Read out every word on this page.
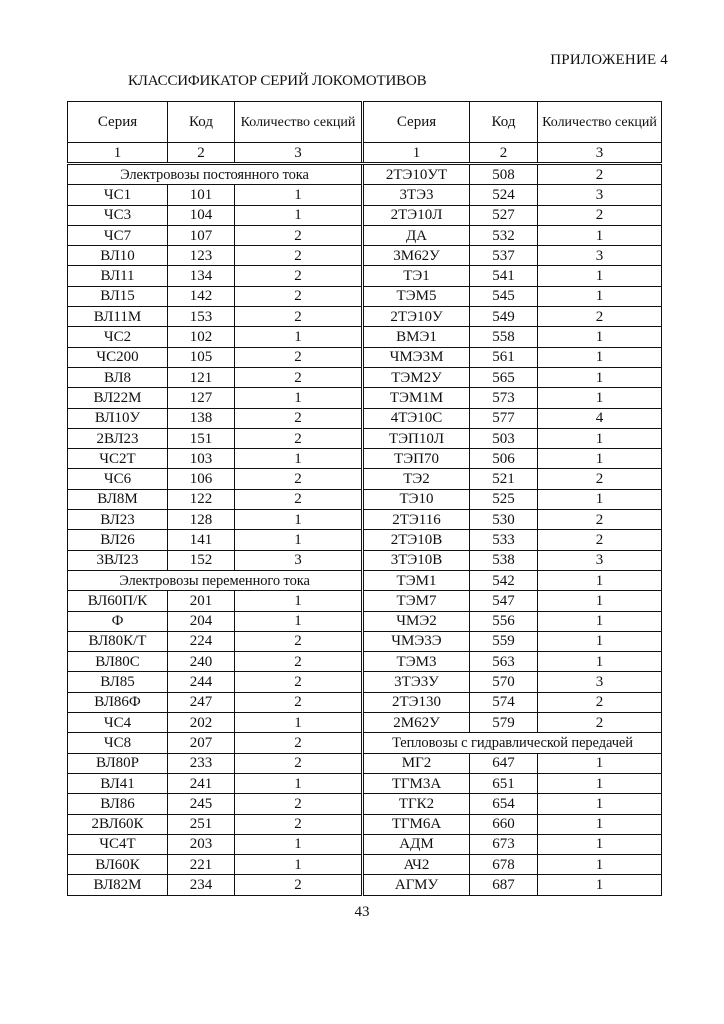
ПРИЛОЖЕНИЕ 4
КЛАССИФИКАТОР СЕРИЙ ЛОКОМОТИВОВ
Серия	Код	Количество секций	Серия	Код	Количество секций
1	2	3	1	2	3
Электровозы постоянного тока			2ТЭ10УТ	508	2
ЧС1	101	1	3ТЭ3	524	3
ЧС3	104	1	2ТЭ10Л	527	2
ЧС7	107	2	ДА	532	1
ВЛ10	123	2	3М62У	537	3
ВЛ11	134	2	ТЭ1	541	1
ВЛ15	142	2	ТЭМ5	545	1
ВЛ11М	153	2	2ТЭ10У	549	2
ЧС2	102	1	ВМЭ1	558	1
ЧС200	105	2	ЧМЭ3М	561	1
ВЛ8	121	2	ТЭМ2У	565	1
ВЛ22М	127	1	ТЭМ1М	573	1
ВЛ10У	138	2	4ТЭ10С	577	4
2ВЛ23	151	2	ТЭП10Л	503	1
ЧС2Т	103	1	ТЭП70	506	1
ЧС6	106	2	ТЭ2	521	2
ВЛ8М	122	2	ТЭ10	525	1
ВЛ23	128	1	2ТЭ116	530	2
ВЛ26	141	1	2ТЭ10В	533	2
3ВЛ23	152	3	3ТЭ10В	538	3
Электровозы переменного тока			ТЭМ1	542	1
ВЛ60П/К	201	1	ТЭМ7	547	1
Ф	204	1	ЧМЭ2	556	1
ВЛ80К/Т	224	2	ЧМЭ3Э	559	1
ВЛ80С	240	2	ТЭМ3	563	1
ВЛ85	244	2	3ТЭ3У	570	3
ВЛ86Ф	247	2	2ТЭ130	574	2
ЧС4	202	1	2М62У	579	2
ЧС8	207	2	Тепловозы с гидравлической передачей		
ВЛ80Р	233	2	МГ2	647	1
ВЛ41	241	1	ТГМ3А	651	1
ВЛ86	245	2	ТГК2	654	1
2ВЛ60К	251	2	ТГМ6А	660	1
ЧС4Т	203	1	АДМ	673	1
ВЛ60К	221	1	АЧ2	678	1
ВЛ82М	234	2	АГМУ	687	1
43
